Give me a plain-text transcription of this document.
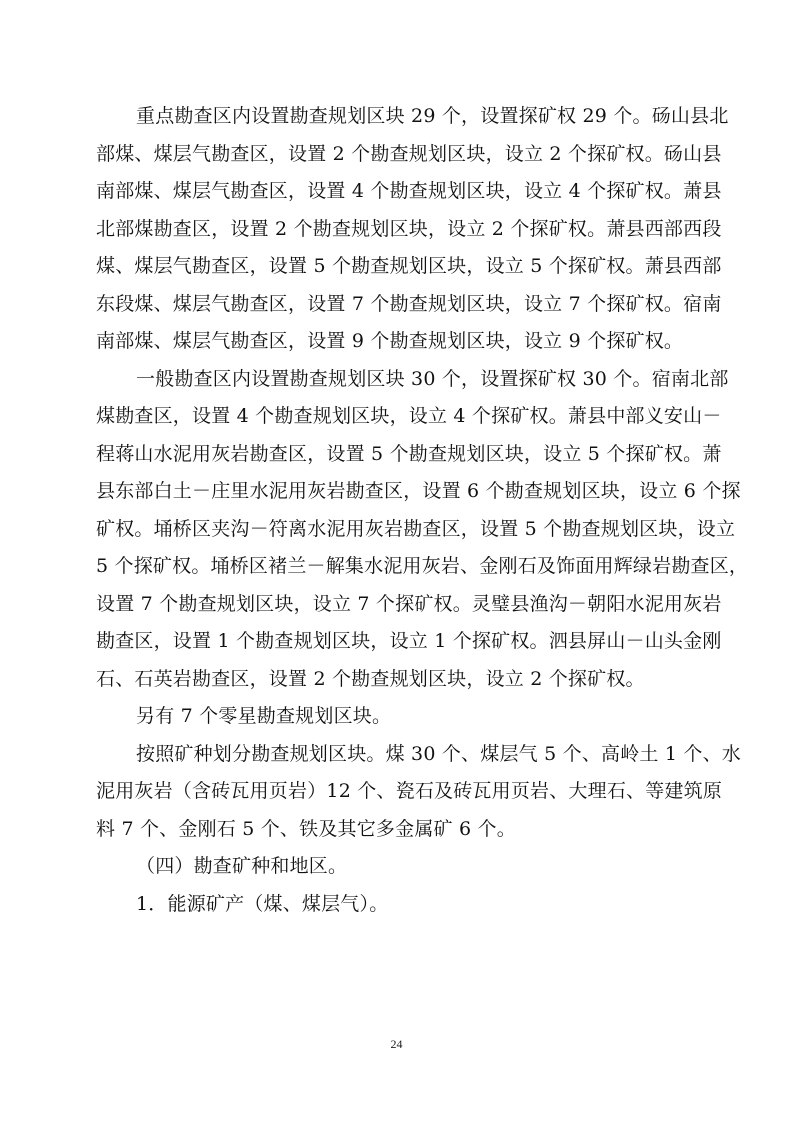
重点勘查区内设置勘查规划区块 29 个，设置探矿权 29 个。砀山县北
部煤、煤层气勘查区，设置 2 个勘查规划区块，设立 2 个探矿权。砀山县
南部煤、煤层气勘查区，设置 4 个勘查规划区块，设立 4 个探矿权。萧县
北部煤勘查区，设置 2 个勘查规划区块，设立 2 个探矿权。萧县西部西段
煤、煤层气勘查区，设置 5 个勘查规划区块，设立 5 个探矿权。萧县西部
东段煤、煤层气勘查区，设置 7 个勘查规划区块，设立 7 个探矿权。宿南
南部煤、煤层气勘查区，设置 9 个勘查规划区块，设立 9 个探矿权。
一般勘查区内设置勘查规划区块 30 个，设置探矿权 30 个。宿南北部
煤勘查区，设置 4 个勘查规划区块，设立 4 个探矿权。萧县中部义安山－
程蒋山水泥用灰岩勘查区，设置 5 个勘查规划区块，设立 5 个探矿权。萧
县东部白土－庄里水泥用灰岩勘查区，设置 6 个勘查规划区块，设立 6 个探
矿权。埇桥区夹沟－符离水泥用灰岩勘查区，设置 5 个勘查规划区块，设立
5 个探矿权。埇桥区褚兰－解集水泥用灰岩、金刚石及饰面用辉绿岩勘查区，
设置 7 个勘查规划区块，设立 7 个探矿权。灵璧县渔沟－朝阳水泥用灰岩
勘查区，设置 1 个勘查规划区块，设立 1 个探矿权。泗县屏山－山头金刚
石、石英岩勘查区，设置 2 个勘查规划区块，设立 2 个探矿权。
另有 7 个零星勘查规划区块。
按照矿种划分勘查规划区块。煤 30 个、煤层气 5 个、高岭土 1 个、水
泥用灰岩（含砖瓦用页岩）12 个、瓷石及砖瓦用页岩、大理石、等建筑原
料 7 个、金刚石 5 个、铁及其它多金属矿 6 个。
（四）勘查矿种和地区。
1．能源矿产（煤、煤层气）。
24
